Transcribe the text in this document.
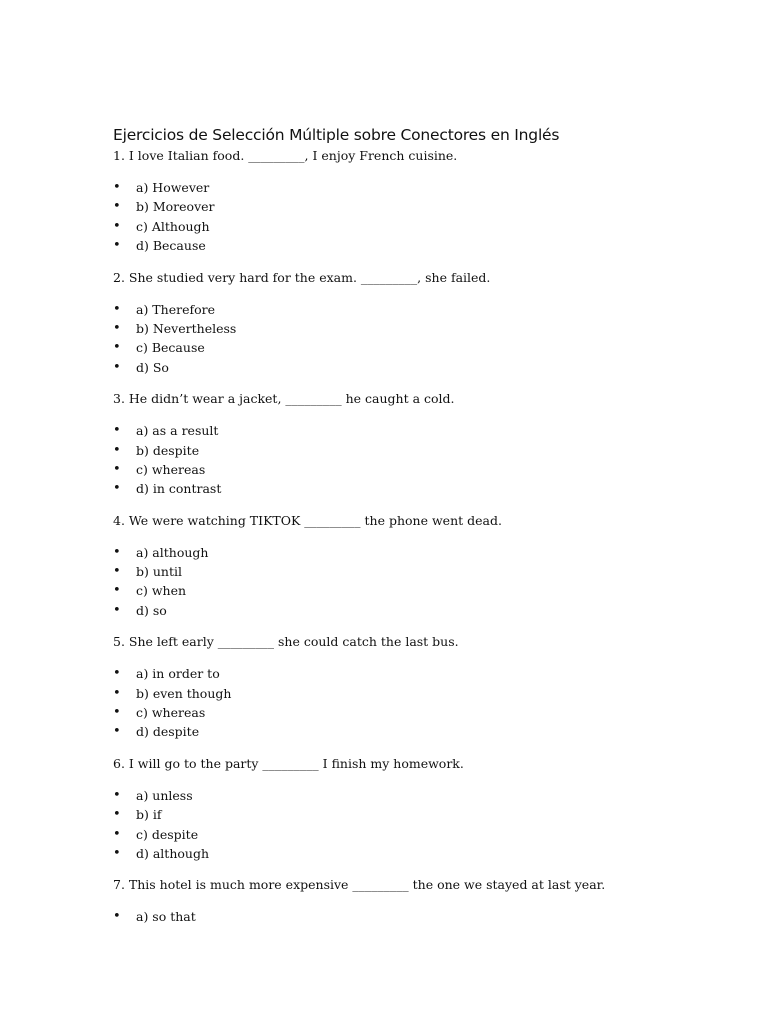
Ejercicios de Selección Múltiple sobre Conectores en Inglés

1. I love Italian food. _________, I enjoy French cuisine.

• a) However
• b) Moreover
• c) Although
• d) Because

2. She studied very hard for the exam. _________, she failed.

• a) Therefore
• b) Nevertheless
• c) Because
• d) So

3. He didn’t wear a jacket, _________ he caught a cold.

• a) as a result
• b) despite
• c) whereas
• d) in contrast

4. We were watching TIKTOK _________ the phone went dead.

• a) although
• b) until
• c) when
• d) so

5. She left early _________ she could catch the last bus.

• a) in order to
• b) even though
• c) whereas
• d) despite

6. I will go to the party _________ I finish my homework.

• a) unless
• b) if
• c) despite
• d) although

7. This hotel is much more expensive _________ the one we stayed at last year.

• a) so that
